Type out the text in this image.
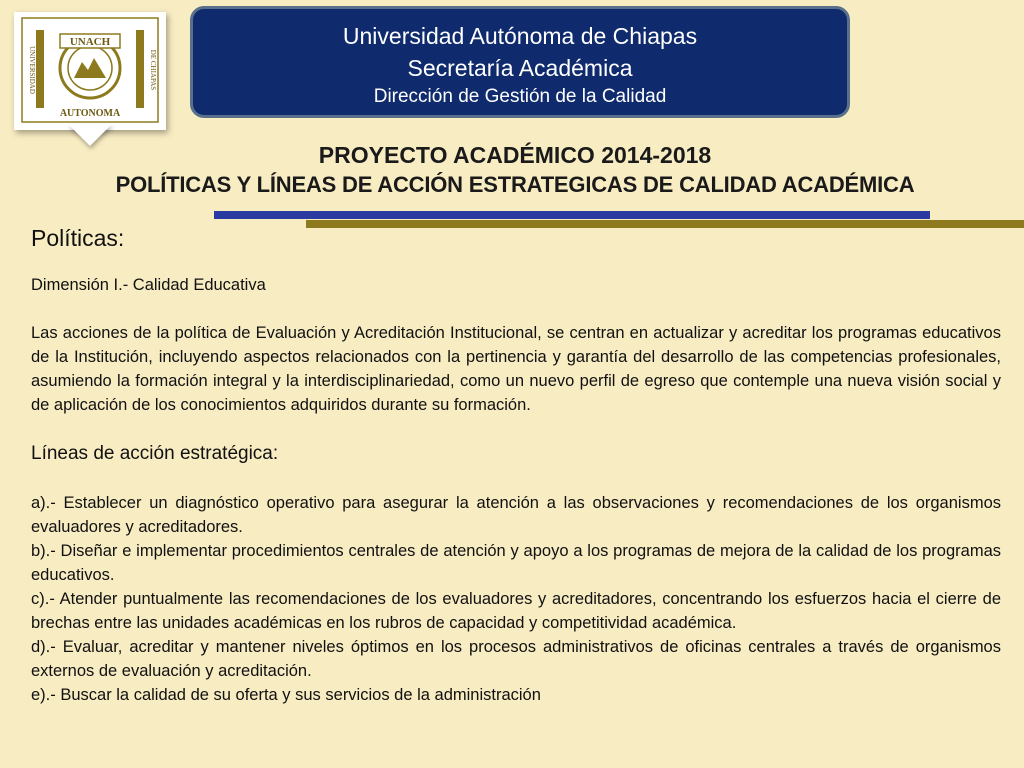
UNACH
UNIVERSIDAD	DE CHIAPAS
AUTONOMA
Universidad Autónoma de Chiapas
Secretaría Académica
Dirección de Gestión de la Calidad
PROYECTO ACADÉMICO 2014-2018
POLÍTICAS Y LÍNEAS DE ACCIÓN ESTRATEGICAS DE CALIDAD ACADÉMICA
Políticas:
Dimensión I.- Calidad Educativa
Las acciones de la política de Evaluación y Acreditación Institucional, se centran en actualizar y acreditar los programas educativos de la Institución, incluyendo aspectos relacionados con la pertinencia y garantía del desarrollo de las competencias profesionales, asumiendo la formación integral y la interdisciplinariedad, como un nuevo perfil de egreso que contemple una nueva visión social y de aplicación de los conocimientos adquiridos durante su formación.
Líneas de acción estratégica:
a).- Establecer un diagnóstico operativo para asegurar la atención a las observaciones y recomendaciones de los organismos evaluadores y acreditadores.
b).- Diseñar e implementar procedimientos centrales de atención y apoyo a los programas de mejora de la calidad de los programas educativos.
c).- Atender puntualmente las recomendaciones de los evaluadores y acreditadores, concentrando los esfuerzos hacia el cierre de brechas entre las unidades académicas en los rubros de capacidad y competitividad académica.
d).- Evaluar, acreditar y mantener niveles óptimos en los procesos administrativos de oficinas centrales a través de organismos externos de evaluación y acreditación.
e).- Buscar la calidad de su oferta y sus servicios de la administración
